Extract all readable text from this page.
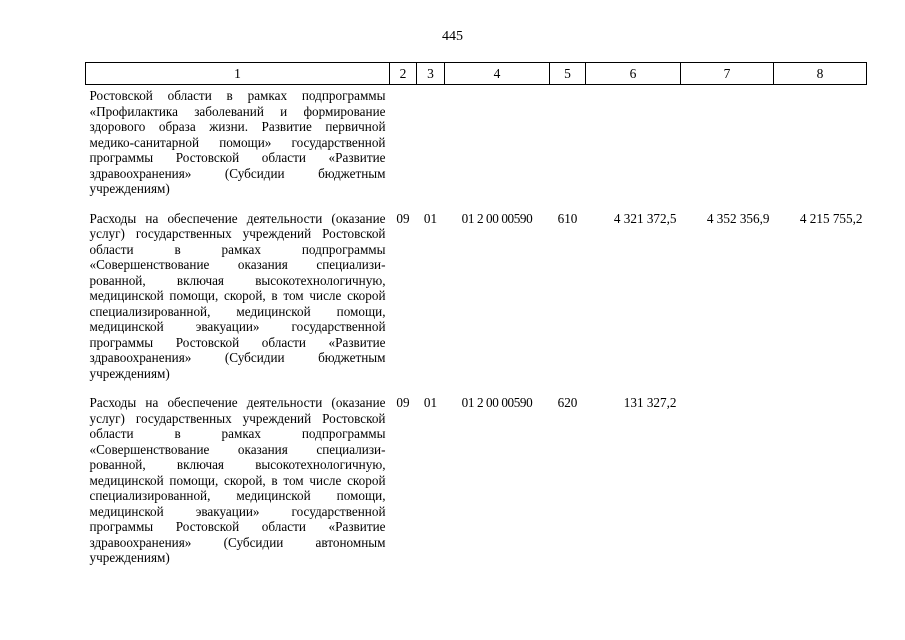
445
1	2	3	4	5	6	7	8
Ростовской области в рамках подпрограммы «Профилактика заболеваний и формирование здорового образа жизни. Развитие первичной медико-санитарной помощи» государственной программы Ростовской области «Развитие здравоохранения» (Субсидии бюджетным учреждениям)							
Расходы на обеспечение деятельности (оказание услуг) государственных учреждений Ростовской области в рамках подпрограммы «Совершенствование оказания специализированной, включая высокотехнологичную, медицинской помощи, скорой, в том числе скорой специализированной, медицинской помощи, медицинской эвакуации» государственной программы Ростовской области «Развитие здравоохранения» (Субсидии бюджетным учреждениям)	09	01	01 2 00 00590	610	4 321 372,5	4 352 356,9	4 215 755,2
Расходы на обеспечение деятельности (оказание услуг) государственных учреждений Ростовской области в рамках подпрограммы «Совершенствование оказания специализированной, включая высокотехнологичную, медицинской помощи, скорой, в том числе скорой специализированной, медицинской помощи, медицинской эвакуации» государственной программы Ростовской области «Развитие здравоохранения» (Субсидии автономным учреждениям)	09	01	01 2 00 00590	620	131 327,2		
